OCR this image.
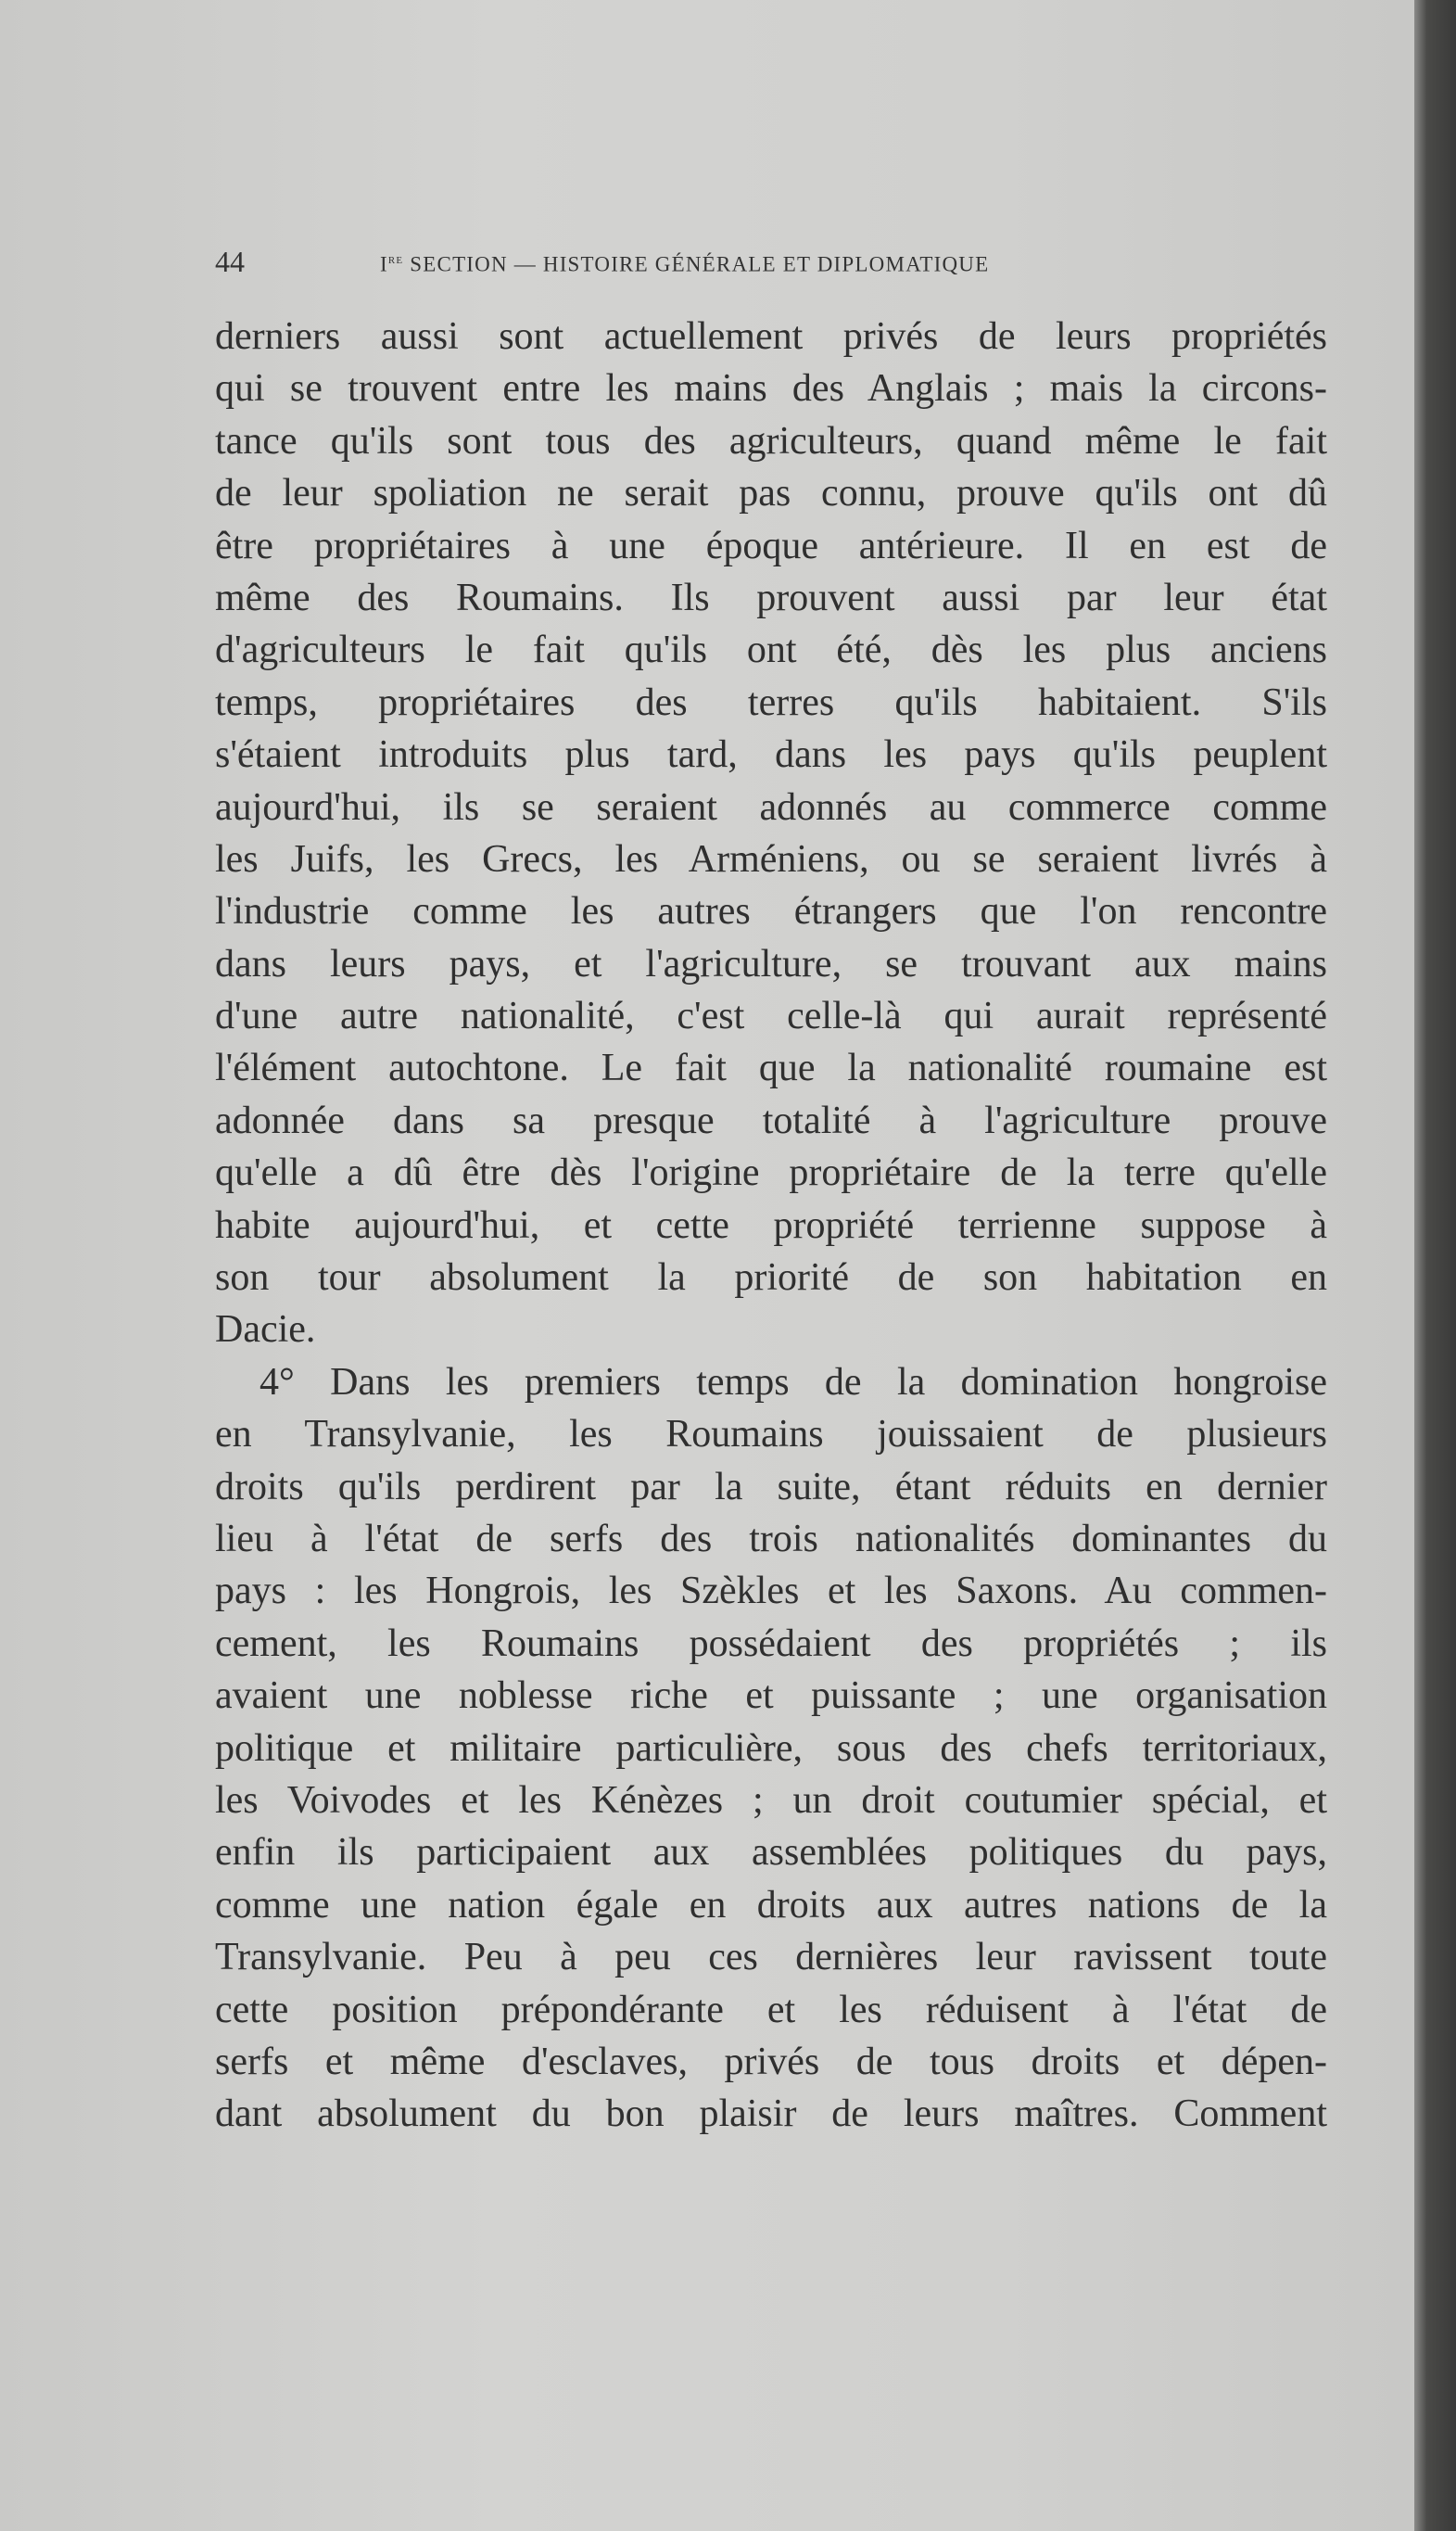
44	Ire SECTION — HISTOIRE GÉNÉRALE ET DIPLOMATIQUE
derniers aussi sont actuellement privés de leurs propriétés
qui se trouvent entre les mains des Anglais ; mais la circons-
tance qu'ils sont tous des agriculteurs, quand même le fait
de leur spoliation ne serait pas connu, prouve qu'ils ont dû
être propriétaires à une époque antérieure. Il en est de
même des Roumains. Ils prouvent aussi par leur état
d'agriculteurs le fait qu'ils ont été, dès les plus anciens
temps, propriétaires des terres qu'ils habitaient. S'ils
s'étaient introduits plus tard, dans les pays qu'ils peuplent
aujourd'hui, ils se seraient adonnés au commerce comme
les Juifs, les Grecs, les Arméniens, ou se seraient livrés à
l'industrie comme les autres étrangers que l'on rencontre
dans leurs pays, et l'agriculture, se trouvant aux mains
d'une autre nationalité, c'est celle-là qui aurait représenté
l'élément autochtone. Le fait que la nationalité roumaine est
adonnée dans sa presque totalité à l'agriculture prouve
qu'elle a dû être dès l'origine propriétaire de la terre qu'elle
habite aujourd'hui, et cette propriété terrienne suppose à
son tour absolument la priorité de son habitation en
Dacie.
4° Dans les premiers temps de la domination hongroise
en Transylvanie, les Roumains jouissaient de plusieurs
droits qu'ils perdirent par la suite, étant réduits en dernier
lieu à l'état de serfs des trois nationalités dominantes du
pays : les Hongrois, les Szèkles et les Saxons. Au commen-
cement, les Roumains possédaient des propriétés ; ils
avaient une noblesse riche et puissante ; une organisation
politique et militaire particulière, sous des chefs territoriaux,
les Voivodes et les Kénèzes ; un droit coutumier spécial, et
enfin ils participaient aux assemblées politiques du pays,
comme une nation égale en droits aux autres nations de la
Transylvanie. Peu à peu ces dernières leur ravissent toute
cette position prépondérante et les réduisent à l'état de
serfs et même d'esclaves, privés de tous droits et dépen-
dant absolument du bon plaisir de leurs maîtres. Comment
